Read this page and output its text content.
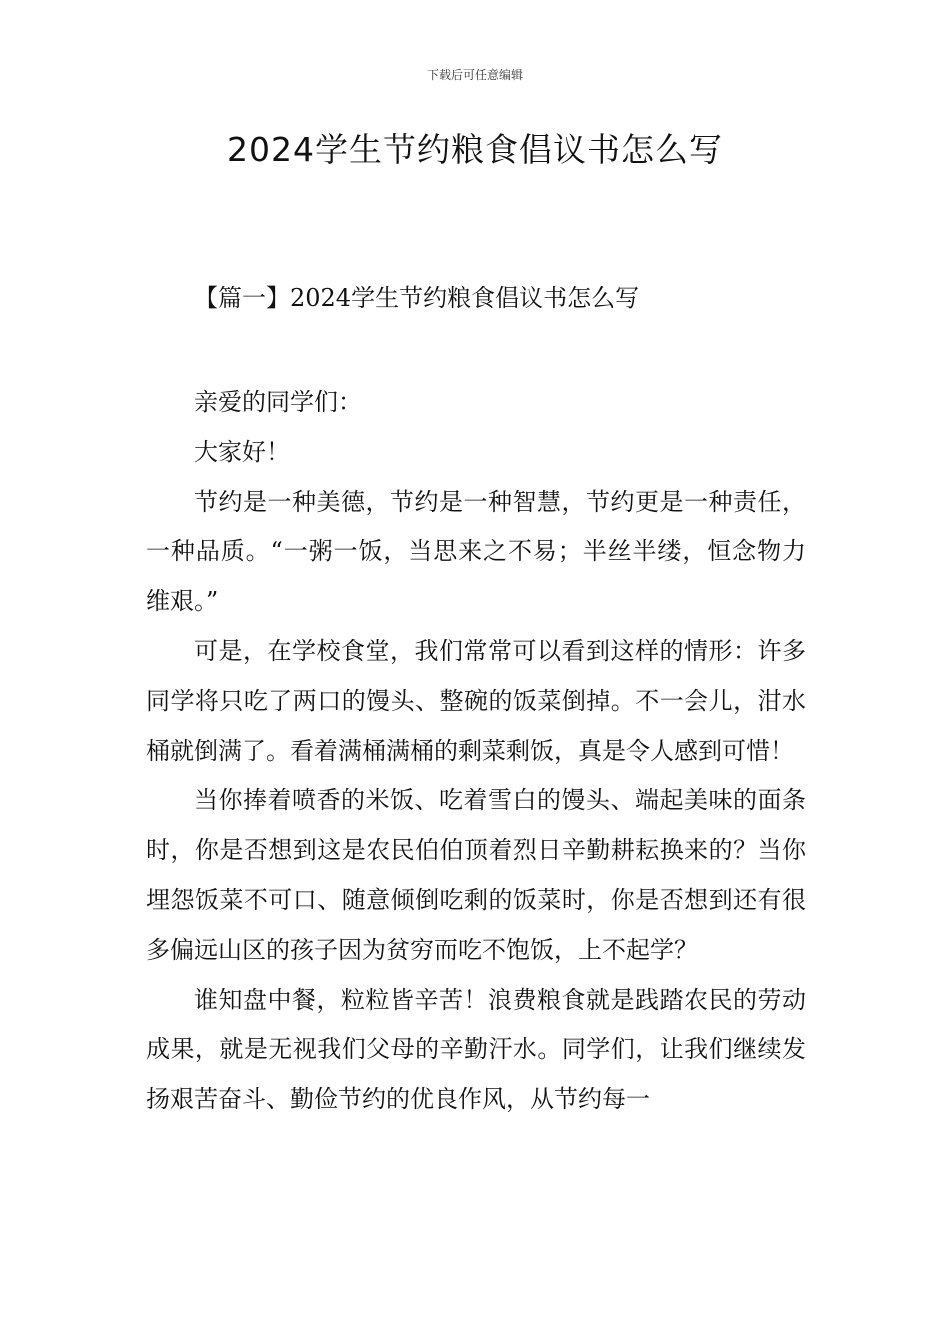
下载后可任意编辑
2024学生节约粮食倡议书怎么写
【篇一】2024学生节约粮食倡议书怎么写

亲爱的同学们：

大家好！

节约是一种美德，节约是一种智慧，节约更是一种责任，一种品质。“一粥一饭，当思来之不易；半丝半缕，恒念物力维艰。”

可是，在学校食堂，我们常常可以看到这样的情形：许多同学将只吃了两口的馒头、整碗的饭菜倒掉。不一会儿，泔水桶就倒满了。看着满桶满桶的剩菜剩饭，真是令人感到可惜！

当你捧着喷香的米饭、吃着雪白的馒头、端起美味的面条时，你是否想到这是农民伯伯顶着烈日辛勤耕耘换来的？当你埋怨饭菜不可口、随意倾倒吃剩的饭菜时，你是否想到还有很多偏远山区的孩子因为贫穷而吃不饱饭，上不起学？

谁知盘中餐，粒粒皆辛苦！浪费粮食就是践踏农民的劳动成果，就是无视我们父母的辛勤汗水。同学们，让我们继续发扬艰苦奋斗、勤俭节约的优良作风，从节约每一
